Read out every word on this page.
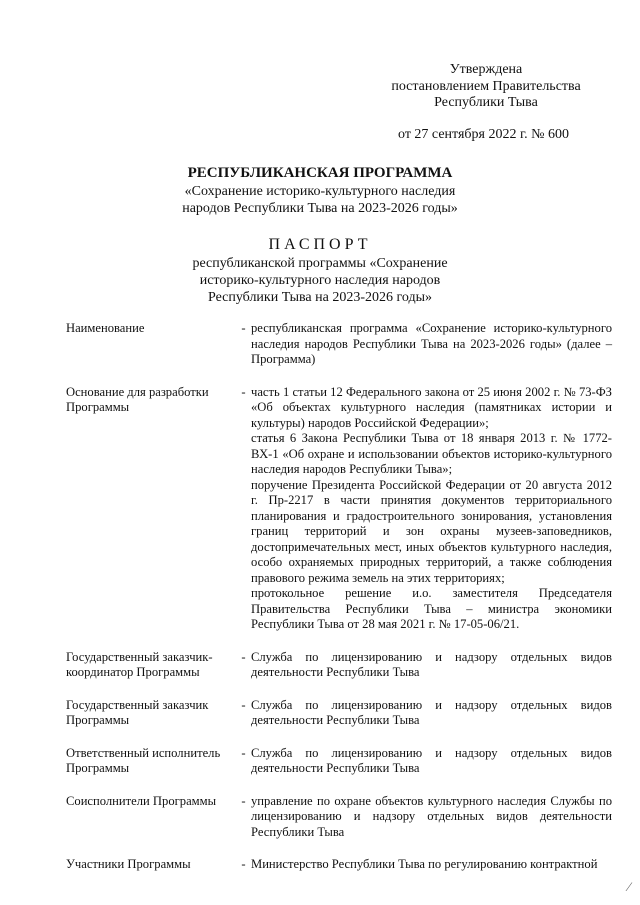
Утверждена
постановлением Правительства
Республики Тыва
от 27 сентября 2022 г. № 600
РЕСПУБЛИКАНСКАЯ ПРОГРАММА
«Сохранение историко-культурного наследия
народов Республики Тыва на 2023-2026 годы»
ПАСПОРТ
республиканской программы «Сохранение
историко-культурного наследия народов
Республики Тыва на 2023-2026 годы»
Наименование	-	республиканская программа «Сохранение историко-культурного наследия народов Республики Тыва на 2023-2026 годы» (далее – Программа)

Основание для разработки Программы	-	часть 1 статьи 12 Федерального закона от 25 июня 2002 г. № 73-ФЗ «Об объектах культурного наследия (памятниках истории и культуры) народов Российской Федерации»;
статья 6 Закона Республики Тыва от 18 января 2013 г. № 1772-ВХ-1 «Об охране и использовании объектов историко-культурного наследия народов Республики Тыва»;
поручение Президента Российской Федерации от 20 августа 2012 г. Пр-2217 в части принятия документов территориального планирования и градостроительного зонирования, установления границ территорий и зон охраны музеев-заповедников, достопримечательных мест, иных объектов культурного наследия, особо охраняемых природных территорий, а также соблюдения правового режима земель на этих территориях;
протокольное решение и.о. заместителя Председателя Правительства Республики Тыва – министра экономики Республики Тыва от 28 мая 2021 г. № 17-05-06/21.

Государственный заказчик-координатор Программы	-	Служба по лицензированию и надзору отдельных видов деятельности Республики Тыва

Государственный заказчик Программы	-	Служба по лицензированию и надзору отдельных видов деятельности Республики Тыва

Ответственный исполнитель Программы	-	Служба по лицензированию и надзору отдельных видов деятельности Республики Тыва

Соисполнители Программы	-	управление по охране объектов культурного наследия Службы по лицензированию и надзору отдельных видов деятельности Республики Тыва

Участники Программы	-	Министерство Республики Тыва по регулированию контрактной
⁄
